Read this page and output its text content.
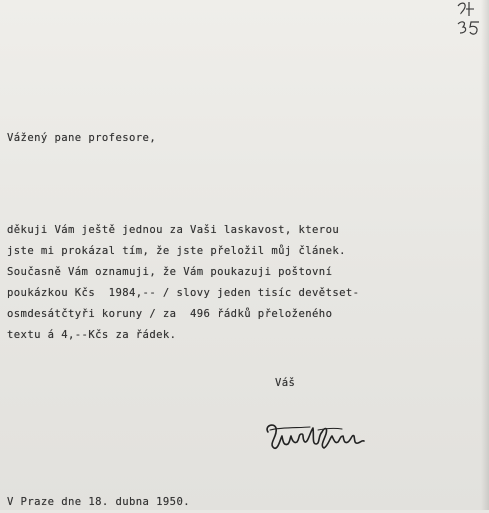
Vážený pane profesore,
děkuji Vám ještě jednou za Vaši laskavost, kterou
jste mi prokázal tím, že jste přeložil můj článek.
Současně Vám oznamuji, že Vám poukazuji poštovní
poukázkou Kčs  1984,-- / slovy jeden tisíc devětset-
osmdesátčtyři koruny / za  496 řádků přeloženého
textu á 4,--Kčs za řádek.
Váš
V Praze dne 18. dubna 1950.
